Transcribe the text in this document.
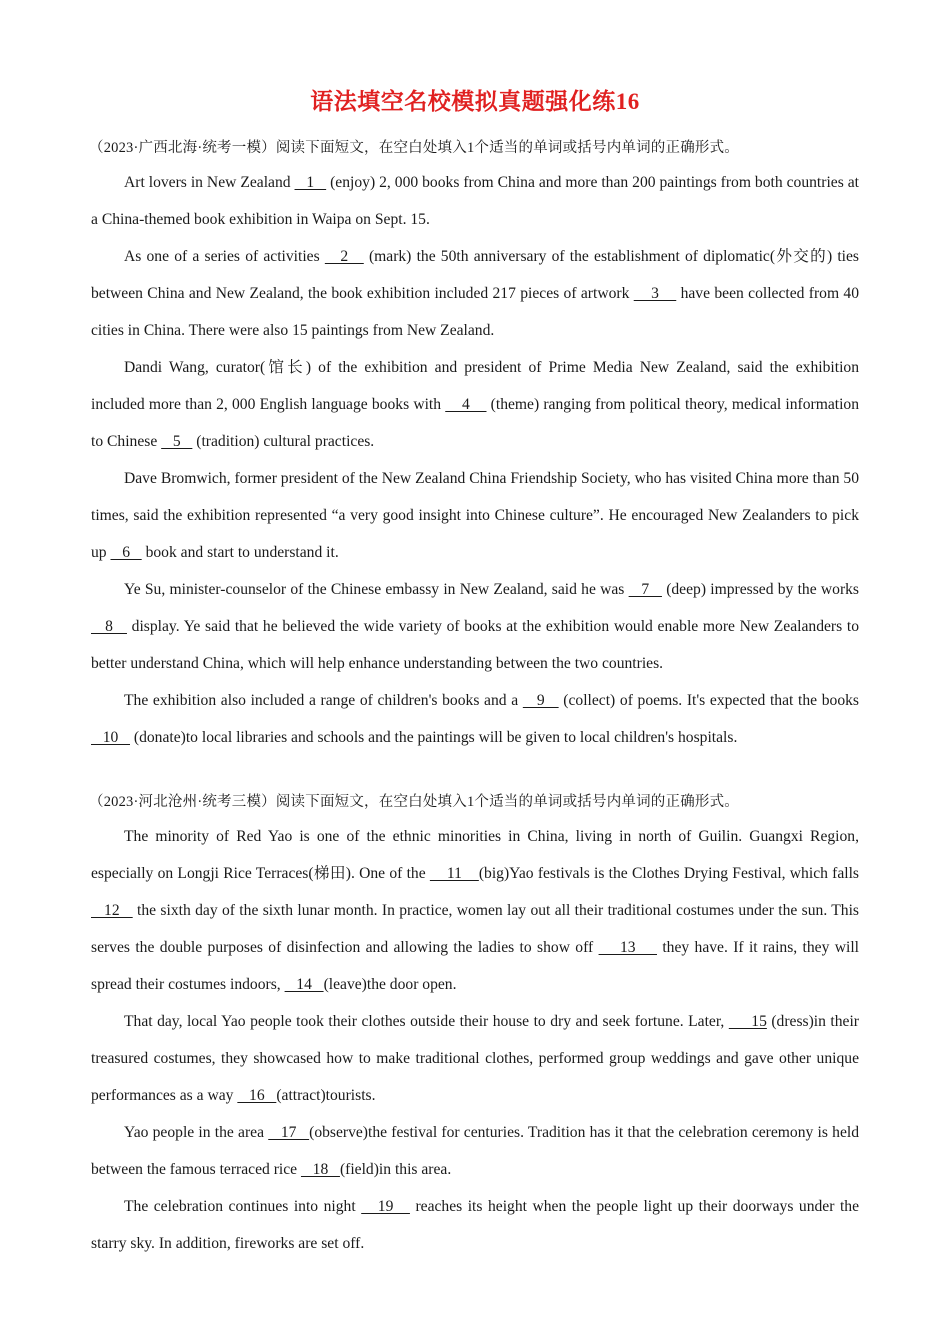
语法填空名校模拟真题强化练16

（2023·广西北海·统考一模）阅读下面短文，在空白处填入1个适当的单词或括号内单词的正确形式。

Art lovers in New Zealand    1    (enjoy) 2, 000 books from China and more than 200 paintings from both countries at a China-themed book exhibition in Waipa on Sept. 15.

As one of a series of activities    2    (mark) the 50th anniversary of the establishment of diplomatic(外交的) ties between China and New Zealand, the book exhibition included 217 pieces of artwork     3     have been collected from 40 cities in China. There were also 15 paintings from New Zealand.

Dandi Wang, curator(馆长) of the exhibition and president of Prime Media New Zealand, said the exhibition included more than 2, 000 English language books with     4     (theme) ranging from political theory, medical information to Chinese    5    (tradition) cultural practices.

Dave Bromwich, former president of the New Zealand China Friendship Society, who has visited China more than 50 times, said the exhibition represented “a very good insight into Chinese culture”. He encouraged New Zealanders to pick up    6    book and start to understand it.

Ye Su, minister-counselor of the Chinese embassy in New Zealand, said he was    7    (deep) impressed by the works    8    display. Ye said that he believed the wide variety of books at the exhibition would enable more New Zealanders to better understand China, which will help enhance understanding between the two countries.

The exhibition also included a range of children's books and a    9    (collect) of poems. It's expected that the books    10    (donate)to local libraries and schools and the paintings will be given to local children's hospitals.

（2023·河北沧州·统考三模）阅读下面短文，在空白处填入1个适当的单词或括号内单词的正确形式。

The minority of Red Yao is one of the ethnic minorities in China, living in north of Guilin. Guangxi Region, especially on Longji Rice Terraces(梯田). One of the     11    (big)Yao festivals is the Clothes Drying Festival, which falls    12    the sixth day of the sixth lunar month. In practice, women lay out all their traditional costumes under the sun. This serves the double purposes of disinfection and allowing the ladies to show off     13     they have. If it rains, they will spread their costumes indoors,    14   (leave)the door open.

That day, local Yao people took their clothes outside their house to dry and seek fortune. Later,      15 (dress)in their treasured costumes, they showcased how to make traditional clothes, performed group weddings and gave other unique performances as a way    16   (attract)tourists.

Yao people in the area    17   (observe)the festival for centuries. Tradition has it that the celebration ceremony is held between the famous terraced rice    18   (field)in this area.

The celebration continues into night    19    reaches its height when the people light up their doorways under the starry sky. In addition, fireworks are set off.
